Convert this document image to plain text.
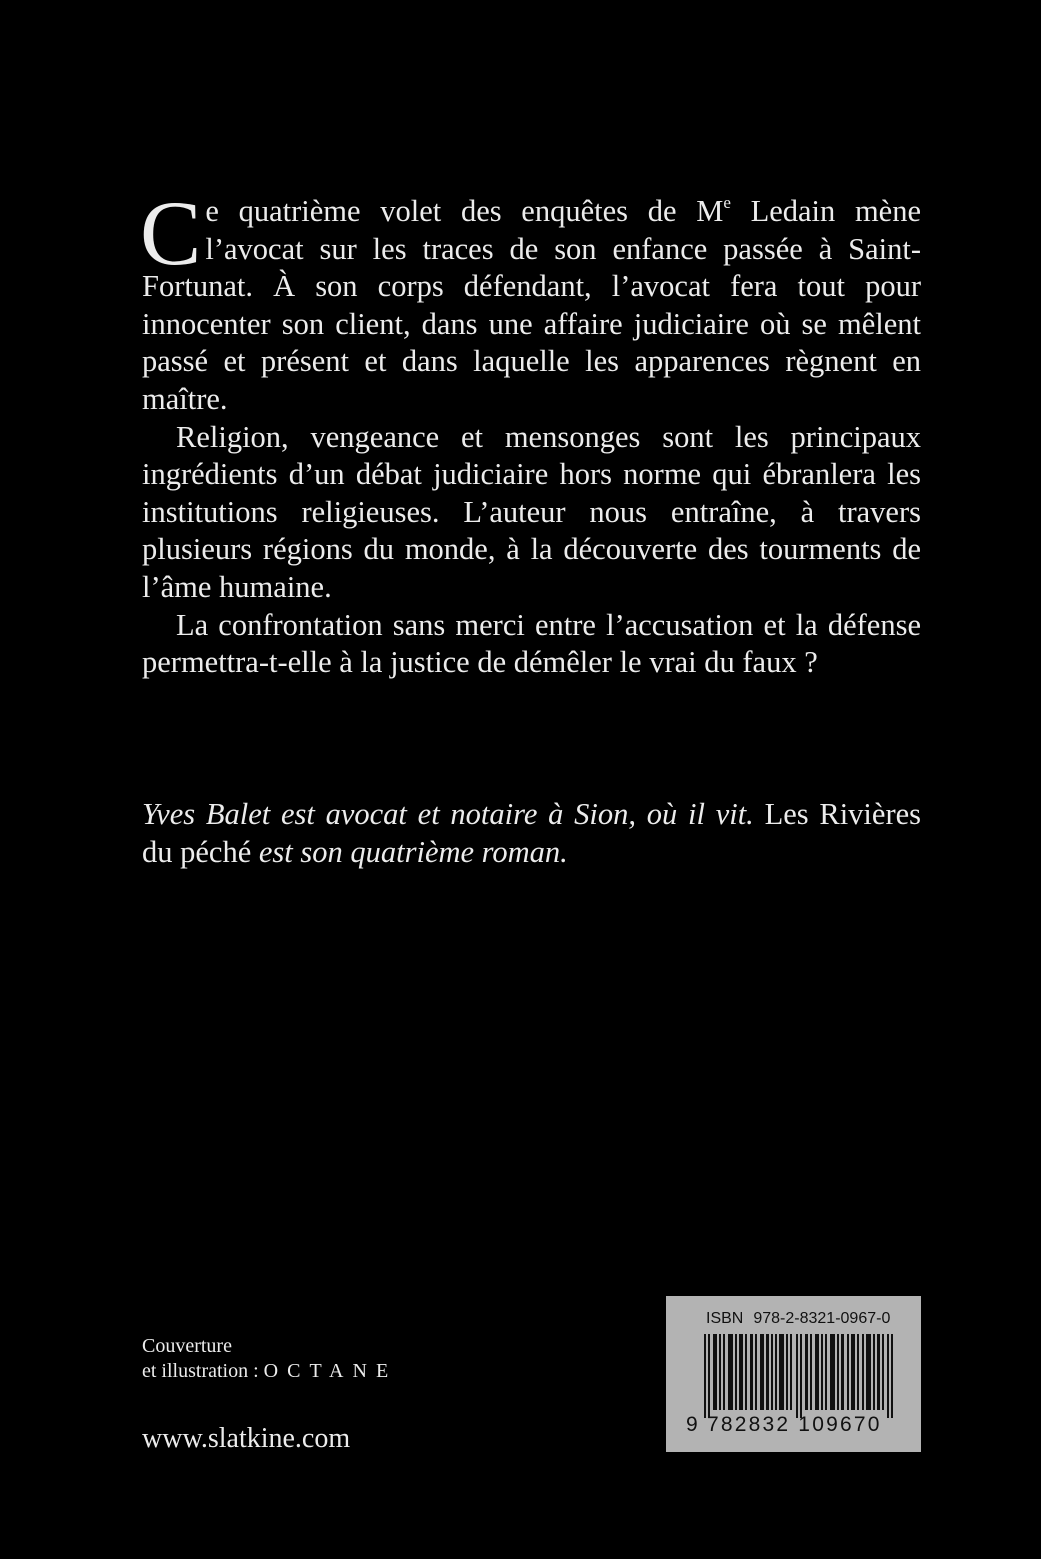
Ce quatrième volet des enquêtes de Me Ledain mène l’avocat sur les traces de son enfance passée à Saint-Fortunat. À son corps défendant, l’avocat fera tout pour innocenter son client, dans une affaire judiciaire où se mêlent passé et présent et dans laquelle les apparences règnent en maître.

Religion, vengeance et mensonges sont les principaux ingrédients d’un débat judiciaire hors norme qui ébranlera les institutions religieuses. L’auteur nous entraîne, à travers plusieurs régions du monde, à la découverte des tourments de l’âme humaine.

La confrontation sans merci entre l’accusation et la défense permettra-t-elle à la justice de démêler le vrai du faux ?

Yves Balet est avocat et notaire à Sion, où il vit. Les Rivières du péché est son quatrième roman.
Couverture
et illustration : OCTANE
www.slatkine.com
ISBN 978-2-8321-0967-0
9 782832 109670
